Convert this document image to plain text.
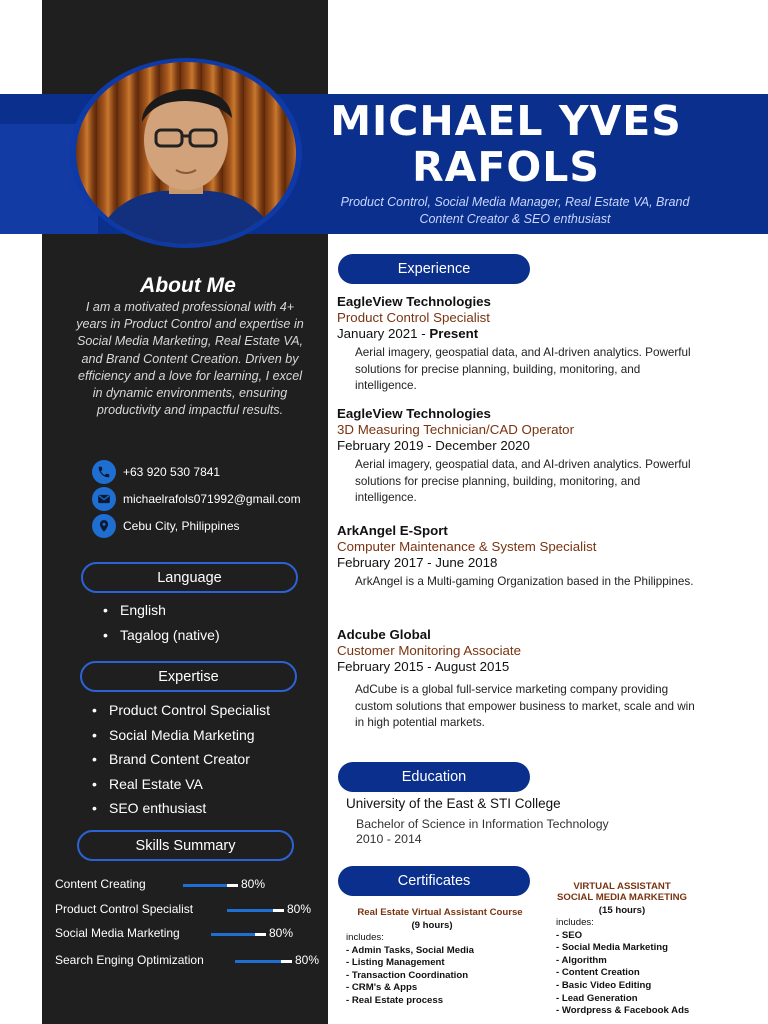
MICHAEL YVES RAFOLS
Product Control, Social Media Manager, Real Estate VA, Brand Content Creator & SEO enthusiast
About Me
I am a motivated professional with 4+ years in Product Control and expertise in Social Media Marketing, Real Estate VA, and Brand Content Creation. Driven by efficiency and a love for learning, I excel in dynamic environments, ensuring productivity and impactful results.
+63 920 530 7841
michaelrafols071992@gmail.com
Cebu City, Philippines
Language
• English
• Tagalog (native)
Expertise
• Product Control Specialist
• Social Media Marketing
• Brand Content Creator
• Real Estate VA
• SEO enthusiast
Skills Summary
Content Creating	80%
Product Control Specialist	80%
Social Media Marketing	80%
Search Enging Optimization	80%
Experience
EagleView Technologies
Product Control Specialist
January 2021 - Present
Aerial imagery, geospatial data, and AI-driven analytics. Powerful solutions for precise planning, building, monitoring, and intelligence.
EagleView Technologies
3D Measuring Technician/CAD Operator
February 2019 - December 2020
Aerial imagery, geospatial data, and AI-driven analytics. Powerful solutions for precise planning, building, monitoring, and intelligence.
ArkAngel E-Sport
Computer Maintenance & System Specialist
February 2017 - June 2018
ArkAngel is a Multi-gaming Organization based in the Philippines.
Adcube Global
Customer Monitoring Associate
February 2015 - August 2015
AdCube is a global full-service marketing company providing custom solutions that empower business to market, scale and win in high potential markets.
Education
University of the East & STI College
Bachelor of Science in Information Technology
2010 - 2014
Certificates
Real Estate Virtual Assistant Course
(9 hours)
includes:
- Admin Tasks, Social Media
- Listing Management
- Transaction Coordination
- CRM's & Apps
- Real Estate process
VIRTUAL ASSISTANT
SOCIAL MEDIA MARKETING
(15 hours)
includes:
- SEO
- Social Media Marketing
- Algorithm
- Content Creation
- Basic Video Editing
- Lead Generation
- Wordpress & Facebook Ads
